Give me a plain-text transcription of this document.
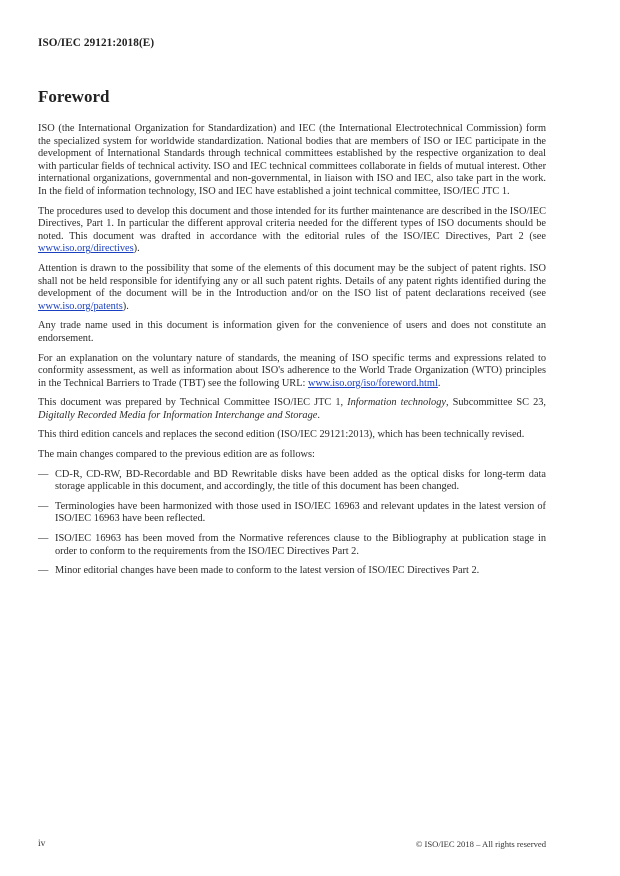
ISO/IEC 29121:2018(E)
Foreword

ISO (the International Organization for Standardization) and IEC (the International Electrotechnical Commission) form the specialized system for worldwide standardization. National bodies that are members of ISO or IEC participate in the development of International Standards through technical committees established by the respective organization to deal with particular fields of technical activity. ISO and IEC technical committees collaborate in fields of mutual interest. Other international organizations, governmental and non-governmental, in liaison with ISO and IEC, also take part in the work. In the field of information technology, ISO and IEC have established a joint technical committee, ISO/IEC JTC 1.

The procedures used to develop this document and those intended for its further maintenance are described in the ISO/IEC Directives, Part 1. In particular the different approval criteria needed for the different types of ISO documents should be noted. This document was drafted in accordance with the editorial rules of the ISO/IEC Directives, Part 2 (see www.iso.org/directives).

Attention is drawn to the possibility that some of the elements of this document may be the subject of patent rights. ISO shall not be held responsible for identifying any or all such patent rights. Details of any patent rights identified during the development of the document will be in the Introduction and/or on the ISO list of patent declarations received (see www.iso.org/patents).

Any trade name used in this document is information given for the convenience of users and does not constitute an endorsement.

For an explanation on the voluntary nature of standards, the meaning of ISO specific terms and expressions related to conformity assessment, as well as information about ISO's adherence to the World Trade Organization (WTO) principles in the Technical Barriers to Trade (TBT) see the following URL: www.iso.org/iso/foreword.html.

This document was prepared by Technical Committee ISO/IEC JTC 1, Information technology, Subcommittee SC 23, Digitally Recorded Media for Information Interchange and Storage.

This third edition cancels and replaces the second edition (ISO/IEC 29121:2013), which has been technically revised.

The main changes compared to the previous edition are as follows:

— CD-R, CD-RW, BD-Recordable and BD Rewritable disks have been added as the optical disks for long-term data storage applicable in this document, and accordingly, the title of this document has been changed.
— Terminologies have been harmonized with those used in ISO/IEC 16963 and relevant updates in the latest version of ISO/IEC 16963 have been reflected.
— ISO/IEC 16963 has been moved from the Normative references clause to the Bibliography at publication stage in order to conform to the requirements from the ISO/IEC Directives Part 2.
— Minor editorial changes have been made to conform to the latest version of ISO/IEC Directives Part 2.
iv	© ISO/IEC 2018 – All rights reserved
